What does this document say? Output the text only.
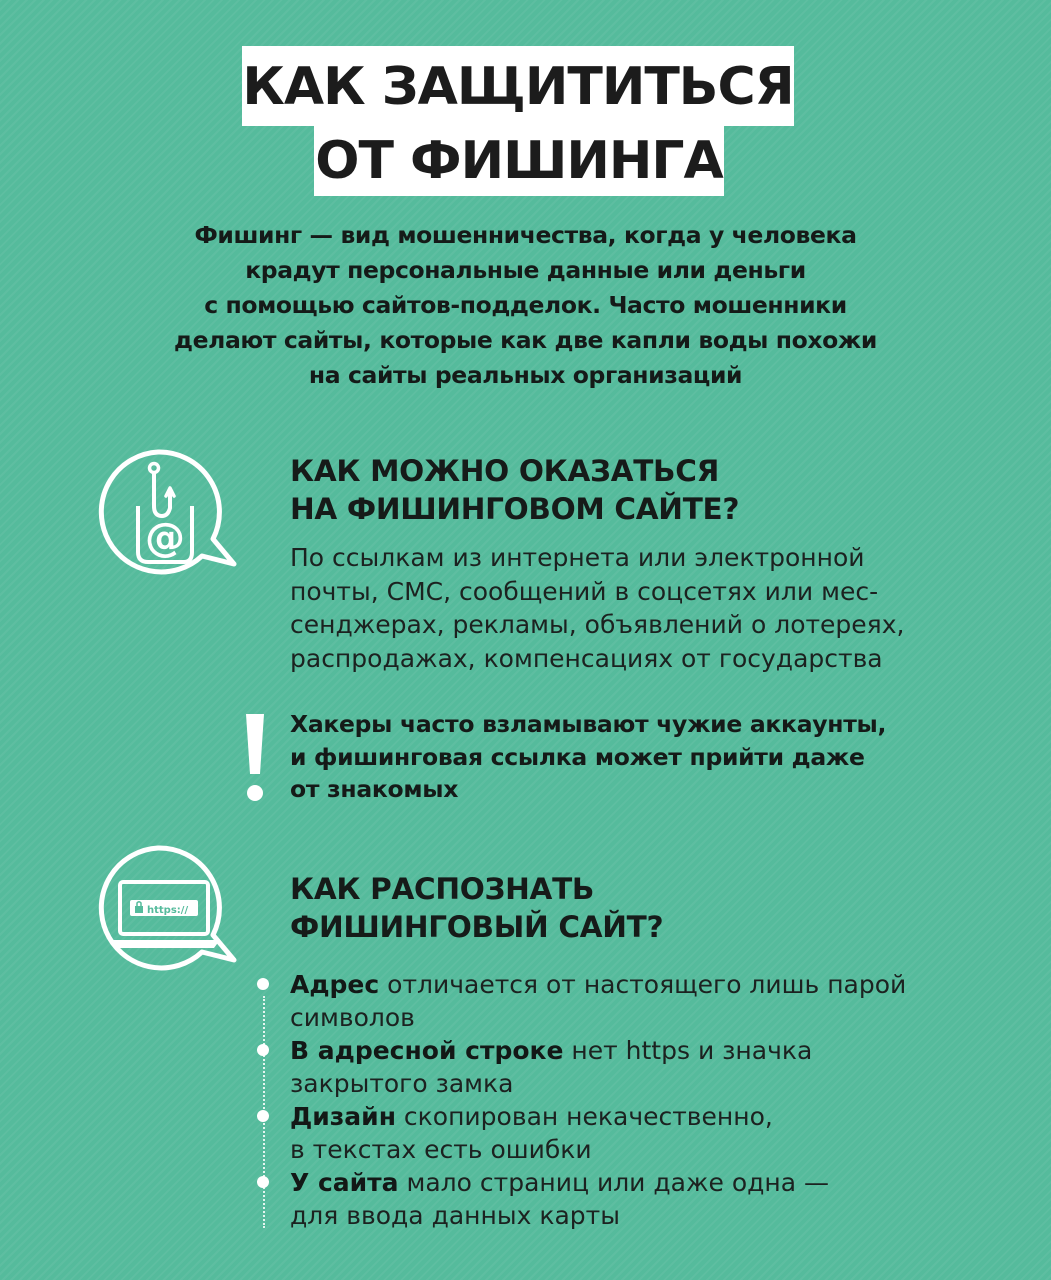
КАК ЗАЩИТИТЬСЯ
ОТ ФИШИНГА
Фишинг — вид мошенничества, когда у человека
крадут персональные данные или деньги
с помощью сайтов-подделок. Часто мошенники
делают сайты, которые как две капли воды похожи
на сайты реальных организаций
@
КАК МОЖНО ОКАЗАТЬСЯ
НА ФИШИНГОВОМ САЙТЕ?
По ссылкам из интернета или электронной
почты, СМС, сообщений в соцсетях или мес-
сенджерах, рекламы, объявлений о лотереях,
распродажах, компенсациях от государства
Хакеры часто взламывают чужие аккаунты,
и фишинговая ссылка может прийти даже
от знакомых
https://
КАК РАСПОЗНАТЬ
ФИШИНГОВЫЙ САЙТ?
Адрес отличается от настоящего лишь парой
символов
В адресной строке нет https и значка
закрытого замка
Дизайн скопирован некачественно,
в текстах есть ошибки
У сайта мало страниц или даже одна —
для ввода данных карты
